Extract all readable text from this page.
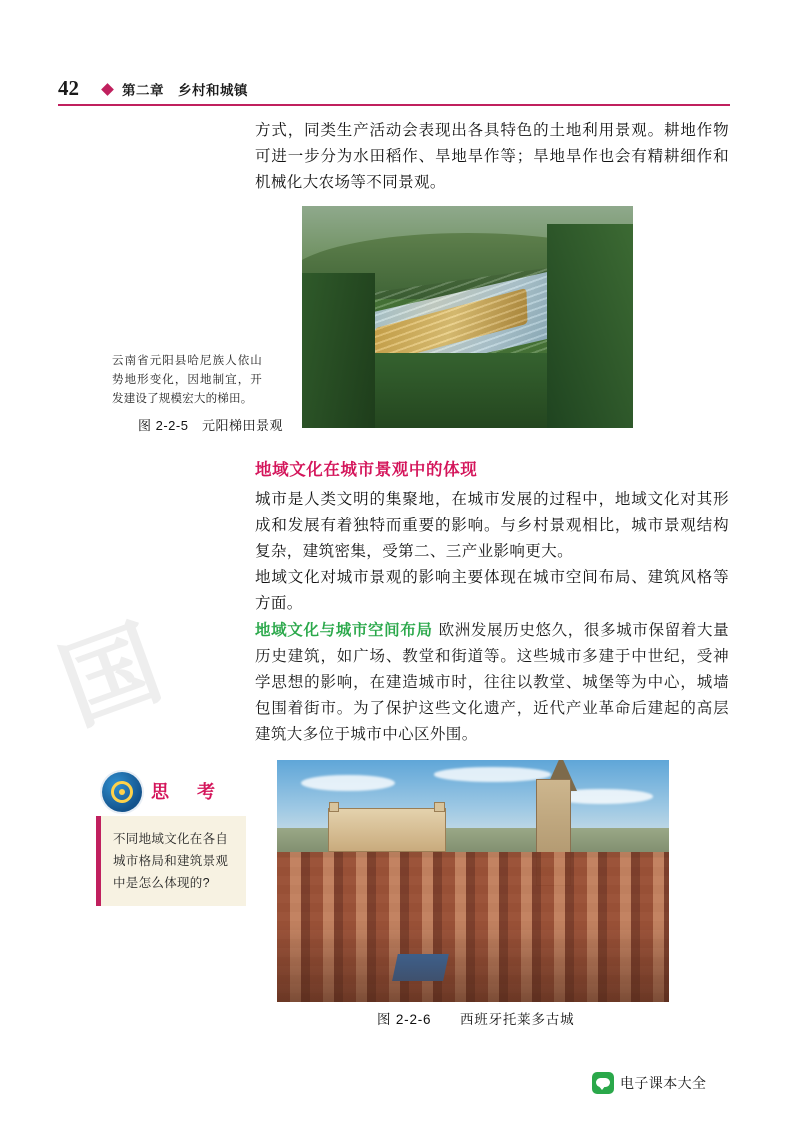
国
42	第二章　乡村和城镇
方式，同类生产活动会表现出各具特色的土地利用景观。耕地作物可进一步分为水田稻作、旱地旱作等；旱地旱作也会有精耕细作和机械化大农场等不同景观。
云南省元阳县哈尼族人依山势地形变化，因地制宜，开发建设了规模宏大的梯田。
图 2-2-5　元阳梯田景观
地域文化在城市景观中的体现
城市是人类文明的集聚地，在城市发展的过程中，地域文化对其形成和发展有着独特而重要的影响。与乡村景观相比，城市景观结构复杂，建筑密集，受第二、三产业影响更大。
地域文化对城市景观的影响主要体现在城市空间布局、建筑风格等方面。
地域文化与城市空间布局 欧洲发展历史悠久，很多城市保留着大量历史建筑，如广场、教堂和街道等。这些城市多建于中世纪，受神学思想的影响，在建造城市时，往往以教堂、城堡等为中心，城墙包围着街市。为了保护这些文化遗产，近代产业革命后建起的高层建筑大多位于城市中心区外围。
思　考
不同地域文化在各自城市格局和建筑景观中是怎么体现的?
图 2-2-6　　西班牙托莱多古城
电子课本大全
